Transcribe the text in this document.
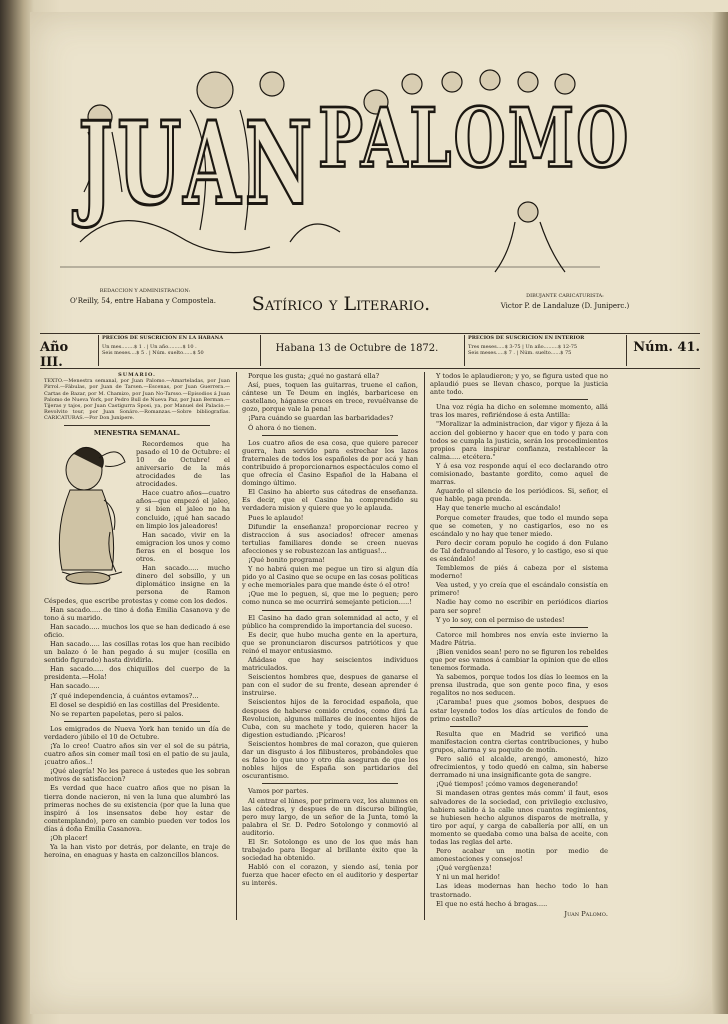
JUAN PALOMO
REDACCION Y ADMINISTRACION:
O'Reilly, 54, entre Habana y Compostela.	Satírico y Literario.	DIBUJANTE CARICATURISTA:
Victor P. de Landaluze (D. Juniperc.)
Año III.
PRECIOS DE SUSCRICION EN LA HABANA
Un mes........$ 1 . | Un año.........$ 10 .
Seis meses....$ 5 . | Núm. suelto......$ 50	Habana 13 de Octubre de 1872.
PRECIOS DE SUSCRICION EN INTERIOR
Tres meses.....$ 3-75 | Un año.........$ 12-75
Seis meses.....$ 7 . | Núm. suelto......$ 75	Núm. 41.
SUMARIO.
TEXTO.—Menestra semanal, por Juan Palomo.—Amarteladas, por Juan Pirrol.—Fábulas, por Juan de Tarsen.—Escenas, por Juan Guerrera.—Cartas de Bazar, por M. Chamizo, por Juan No-Tarsso.—Episodios á Juan Palomo de Nueva York, por Pedro Bull de Nueva Paz, por Juan Berman.—Tijeras y tajos, por Juan Castigurra Sposi, ya, por Manuel del Palacio.—Revolvito tour, por Juan Sonáro.—Romanzas.—Sobre bibliografías. CARICATURAS.—Por Don Junípere.
MENESTRA SEMANAL.

Recordemos que ha pasado el 10 de Octubre: el 10 de Octubre! el aniversario de la más atrocidades de las atrocidades.

Hace cuatro años—cuatro años—que empezó el jaleo, y si bien el jaleo no ha concluido, ¡qué han sacado en limpio los jaleadores!

Han sacado, vivir en la emigracion los unos y como fieras en el bosque los otros.

Han sacado..... mucho dinero del sobsillo, y un diplomático insigne en la persona de Ramon Céspedes, que escribe protestas y come con los dedos.

Han sacado..... de tino á doña Emilia Casanova y de tono á su marido.

Han sacado..... muchos los que se han dedicado á ese oficio.

Han sacado..... las cosillas rotas los que han recibido un balazo ó le han pegado á su mujer (cosilla en sentido figurado) hasta dividirla.

Han sacado..... dos chiquillos del cuerpo de la presidenta.—Hola!

Han sacado.....

¡Y qué independencia, á cuántos evtamos?...

El dosel se despidió en las costillas del Presidente.

No se reparten papeletas, pero si palos.

Los emigrados de Nueva York han tenido un día de verdadero júbilo el 10 de Octubre.

¡Ya lo creo! Cuatro años sin ver el sol de su pátria, cuatro años sin comer maíl tosi en el patio de su jaula, ¡cuatro años..!

¡Qué alegría! No les parece á ustedes que les sobran motivos de satisfaccion?

Es verdad que hace cuatro años que no pisan la tierra donde nacieron, ni ven la luna que alumbró las primeras noches de su existencia (por que la luna que inspiró á los insensatos debe hoy estar de comtemplando), pero en cambio pueden ver todos los días á doña Emilia Casanova.

¡Oh placer!

Ya la han visto por detrás, por delante, en traje de heroina, en enaguas y hasta en calzoncillos blancos.

Porque les gusta; ¿qué no gastará ella?

Así, pues, toquen las guitarras, truene el cañon, cántese un Te Deum en inglés, barbaricese en castellano, háganse cruces en trece, revuélvanse de gozo, porque vale la pena!

¡Para cuándo se guardan las barbaridades?

Ó ahora ó no tienen.

Los cuatro años de esa cosa, que quiere parecer guerra, han servido para estrechar los lazos fraternales de todos los españoles de por acá y han contribuido á proporcionarnos espectáculos como el que ofrecía el Casino Español de la Habana el domingo último.

El Casino ha abierto sus cátedras de enseñanza. Es decir, que el Casino ha comprendido su verdadera mision y quiere que yo le aplauda.

Pues le aplaudo!

Difundir la enseñanza! proporcionar recreo y distraccion á sus asociados! ofrecer amenas tertulias familiares donde se creen nuevas afecciones y se robustezcan las antiguas!...

¡Qué bonito programa!

Y no habrá quien me pegue un tiro si algun día pido yo al Casino que se ocupe en las cosas políticas y eche memoriales para que mande éste ó el otro!

¡Que me lo peguen, si, que me lo peguen; pero como nunca se me ocurrirá semejante peticion.....!

El Casino ha dado gran solemnidad al acto, y el público ha comprendido la importancia del suceso.

Es decir, que hubo mucha gente en la apertura, que se pronunciaron discursos patrióticos y que reinó el mayor entusiasmo.

Añádase que hay seiscientos individuos matriculados.

Seiscientos hombres que, despues de ganarse el pan con el sudor de su frente, desean aprender é instruirse.

Seiscientos hijos de la ferocidad española, que despues de haberse comido crudos, como dirá La Revolucion, algunos millares de inocentes hijos de Cuba, con su machete y todo, quieren hacer la digestion estudiando. ¡Pícaros!

Seiscientos hombres de mal corazon, que quieren dar un disgusto á los filibusteros, probándoles que es falso lo que uno y otro día aseguran de que los nobles hijos de España son partidarios del oscurantismo.

Vamos por partes.

Al entrar el lúnes, por primera vez, los alumnos en las cátedras, y despues de un discurso bilingüe, pero muy largo, de un señor de la Junta, tomó la palabra el Sr. D. Pedro Sotolongo y conmovió al auditorio.

El Sr. Sotolongo es uno de los que más han trabajado para llegar al brillante éxito que la sociedad ha obtenido.

Habló con el corazon, y siendo así, tenia por fuerza que hacer efecto en el auditorio y despertar su interés.

Y todos le aplaudieron; y yo, se figura usted que no aplaudió pues se llevan chasco, porque la justicia ante todo.

Una voz régia ha dicho en solemne momento, allá tras los mares, refiriéndose á esta Antilla:

"Moralizar la administracion, dar vigor y fijeza á la accion del gobierno y hacer que en todo y para con todos se cumpla la justicia, serán los procedimientos propios para inspirar confianza, restablecer la calma..... etcétera."

Y á esa voz responde aquí el eco declarando otro comisionado, bastante gordito, como aquel de marras.

Aguardo el silencio de los periódicos. Si, señor, el que hable, paga prenda.

Hay que tenerle mucho al escándalo!

Porque cometer fraudes, que todo el mundo sepa que se cometen, y no castigarlos, eso no es escándalo y no hay que tener miedo.

Pero decir coram populo he cogido á don Fulano de Tal defraudando al Tesoro, y lo castigo, eso si que es escándalo!

Temblemos de piés á cabeza por el sistema moderno!

Vea usted, y yo creía que el escándalo consistía en primero!

Nadie hay como no escribir en periódicos diarios para ser sopre!

Y yo lo soy, con el permiso de ustedes!

Catorce mil hombres nos envía este invierno la Madre Pátria.

¡Bien venidos sean! pero no se figuren los rebeldes que por eso vamos á cambiar la opinion que de ellos tenemos formada.

Ya sabemos, porque todos los días lo leemos en la prensa ilustrada, que son gente poco fina, y esos regalitos no nos seducen.

¡Caramba! pues que ¿somos bobos, despues de estar leyendo todos los días artículos de fondo de primo castello?

Resulta que en Madrid se verificó una manifestacion contra ciertas contribuciones, y hubo grupos, alarma y su poquito de motín.

Pero salió el alcalde, arengó, amonestó, hizo ofrecimientos, y todo quedó en calma, sin haberse derramado ni una insignificante gota de sangre.

¡Qué tiempos! ¡cómo vamos degenerando!

Si mandasen otras gentes más comm' il faut, esos salvadores de la sociedad, con privilegio exclusivo, habiera salido á la calle unos cuantos regimientos, se hubiesen hecho algunos disparos de metralla, y tiro por aquí, y carga de caballería por allí, en un momento se quedaba como una balsa de aceite, con todas las reglas del arte.

Pero acabar un motin por medio de amonestaciones y consejos!

¡Qué vergüenza!

Y ni un mal herido!

Las ideas modernas han hecho todo lo han trastornado.

El que no está hecho á bragas.....

Juan Palomo.
